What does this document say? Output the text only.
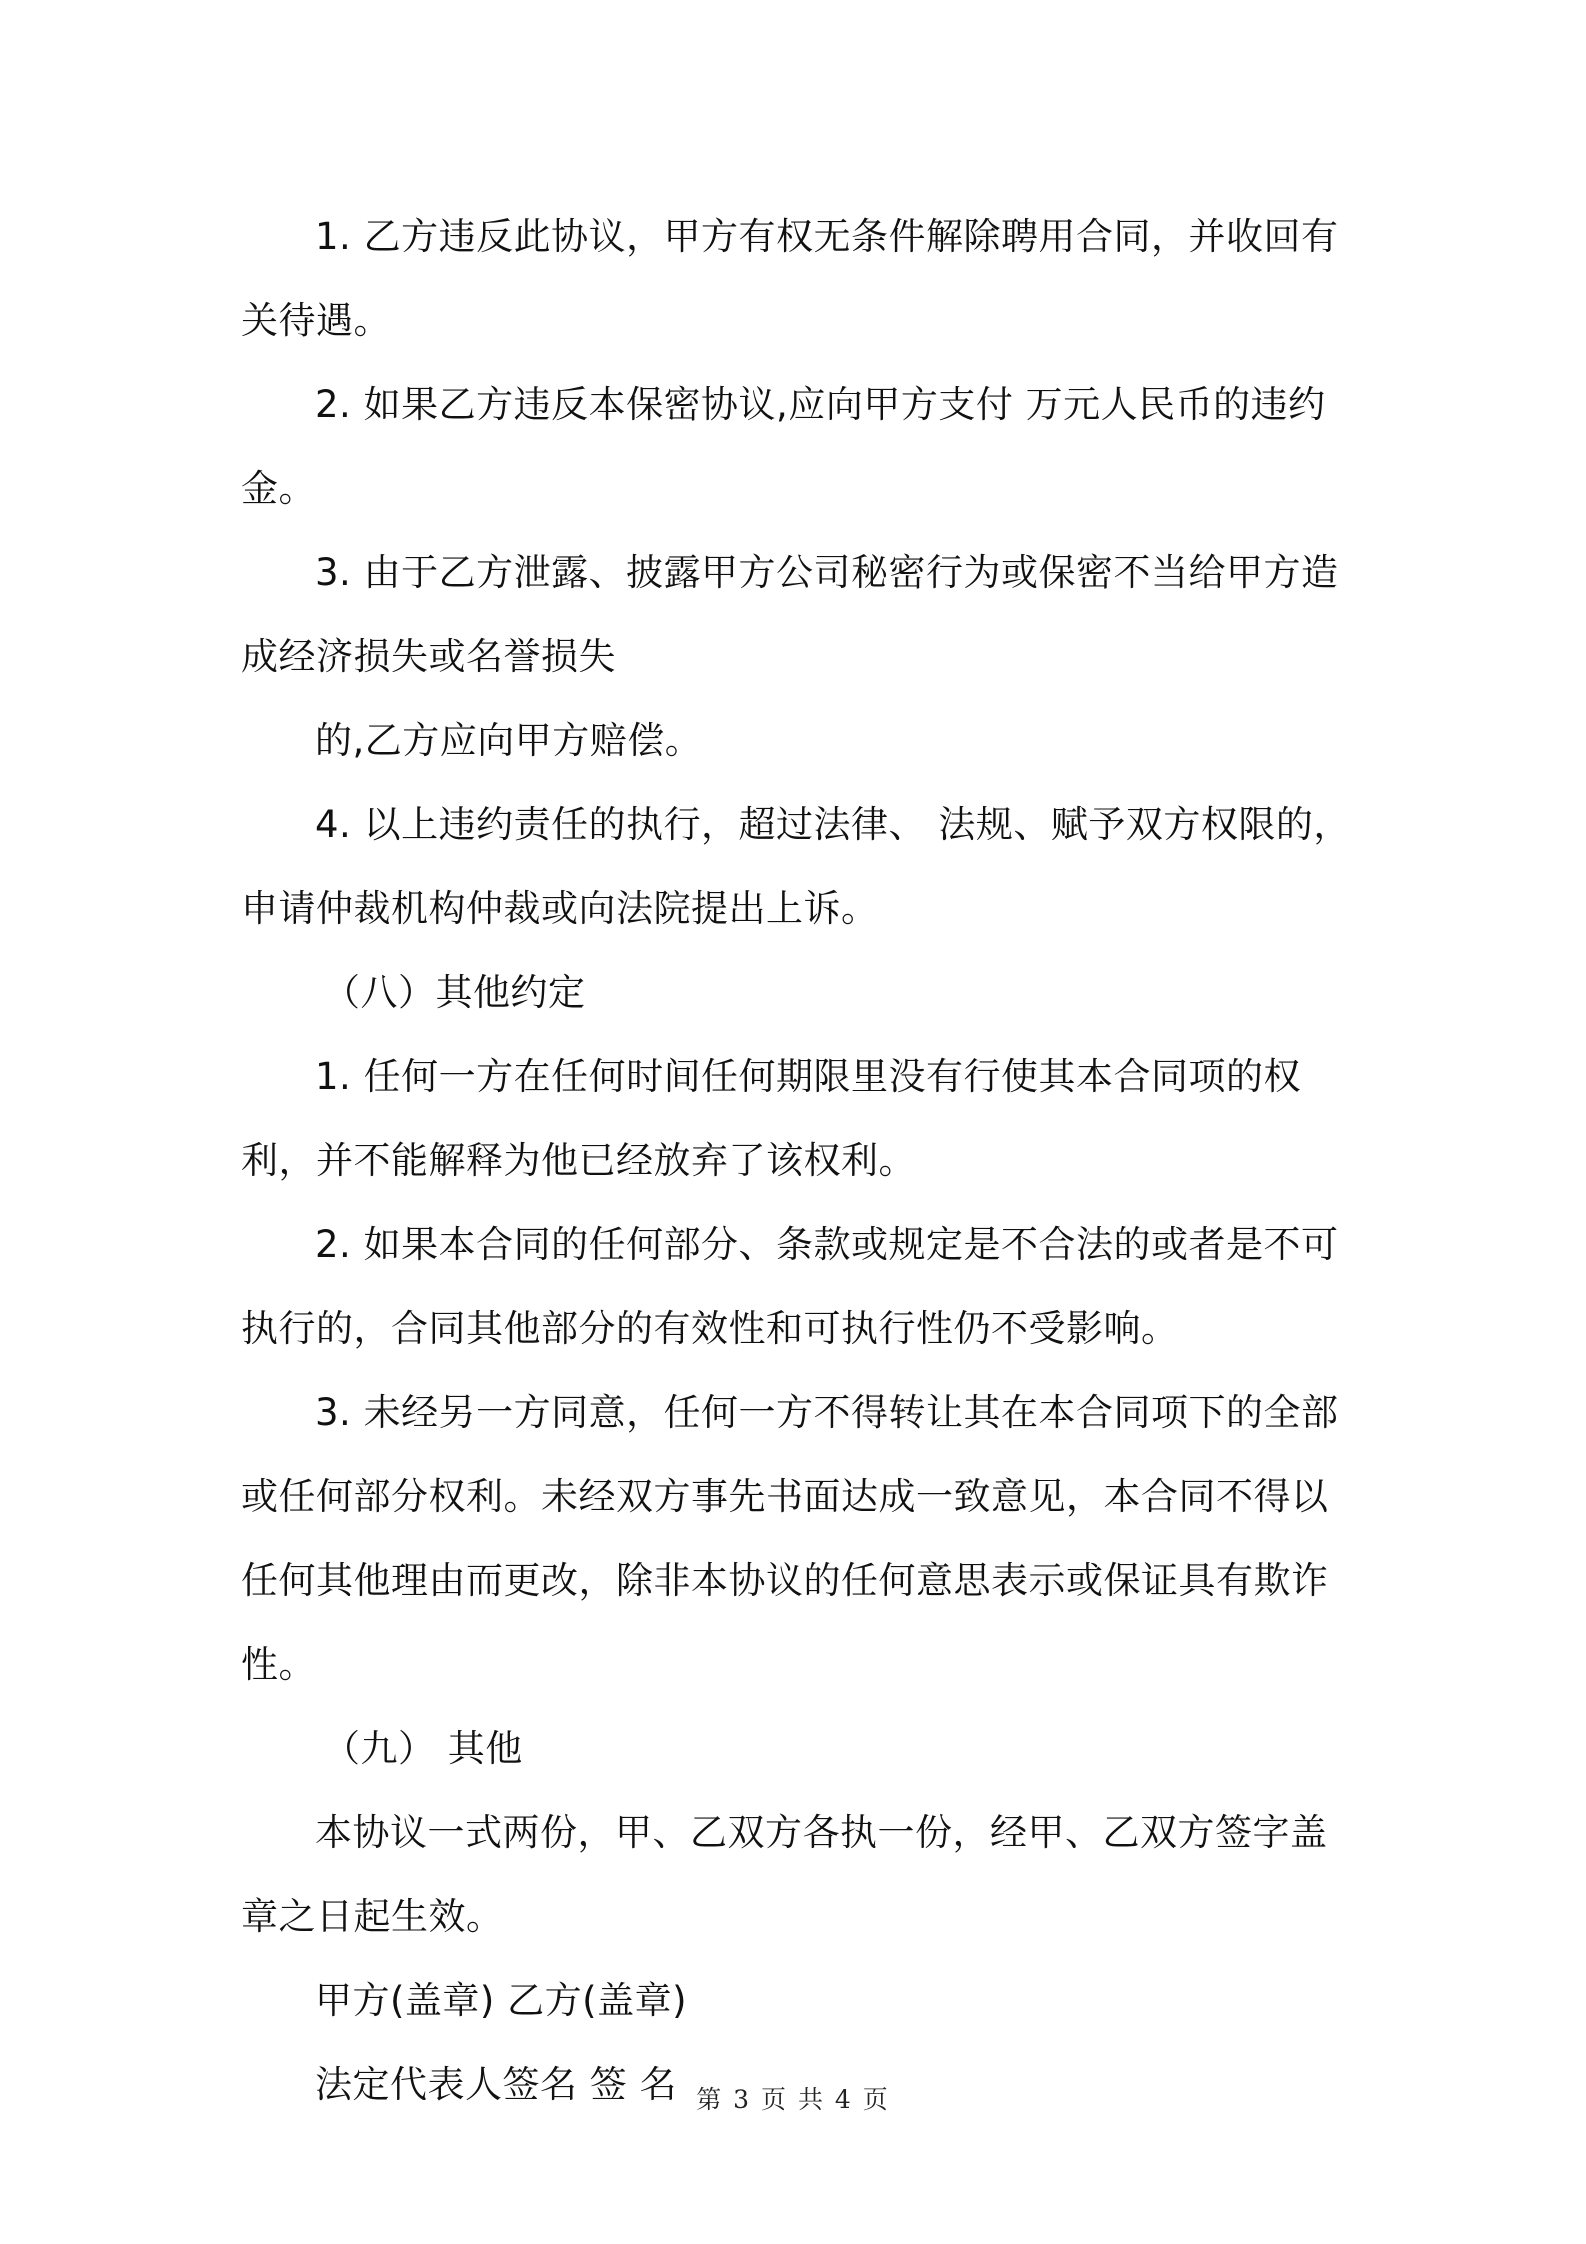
1. 乙方违反此协议，甲方有权无条件解除聘用合同，并收回有关待遇。

2. 如果乙方违反本保密协议,应向甲方支付 万元人民币的违约金。

3. 由于乙方泄露、披露甲方公司秘密行为或保密不当给甲方造成经济损失或名誉损失

的,乙方应向甲方赔偿。

4. 以上违约责任的执行，超过法律、 法规、赋予双方权限的，申请仲裁机构仲裁或向法院提出上诉。

（八）其他约定

1. 任何一方在任何时间任何期限里没有行使其本合同项的权利，并不能解释为他已经放弃了该权利。

2. 如果本合同的任何部分、条款或规定是不合法的或者是不可执行的，合同其他部分的有效性和可执行性仍不受影响。

3. 未经另一方同意，任何一方不得转让其在本合同项下的全部或任何部分权利。未经双方事先书面达成一致意见，本合同不得以任何其他理由而更改，除非本协议的任何意思表示或保证具有欺诈性。

（九） 其他

本协议一式两份，甲、乙双方各执一份，经甲、乙双方签字盖章之日起生效。

甲方(盖章) 乙方(盖章)

法定代表人签名 签 名 第 3 页 共 4 页
